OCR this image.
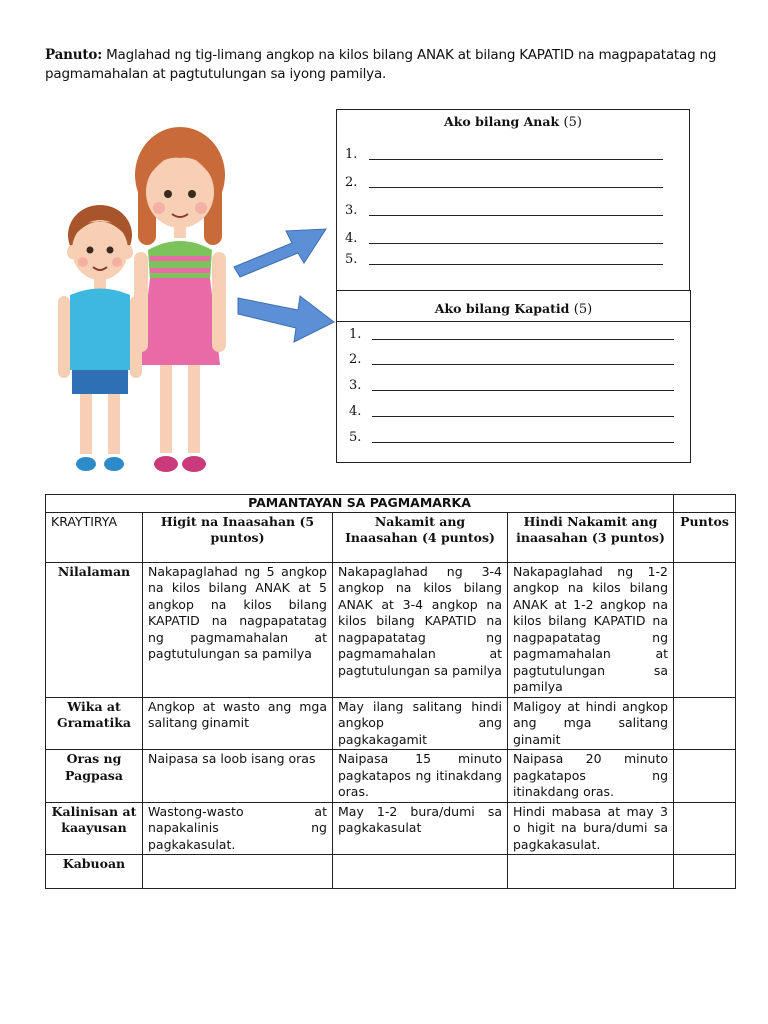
Panuto: Maglahad ng tig-limang angkop na kilos bilang ANAK at bilang KAPATID na magpapatatag ng pagmamahalan at pagtutulungan sa iyong pamilya.
Ako bilang Anak (5)
1.
2.
3.
4.
5.
Ako bilang Kapatid (5)
1.
2.
3.
4.
5.
PAMANTAYAN SA PAGMAMARKA				
KRAYTIRYA	Higit na Inaasahan (5 puntos)	Nakamit ang Inaasahan (4 puntos)	Hindi Nakamit ang inaasahan (3 puntos)	Puntos
Nilalaman	Nakapaglahad ng 5 angkop na kilos bilang ANAK at 5 angkop na kilos bilang KAPATID na nagpapatatag ng pagmamahalan at pagtutulungan sa pamilya	Nakapaglahad ng 3-4 angkop na kilos bilang ANAK at 3-4 angkop na kilos bilang KAPATID na nagpapatatag ng pagmamahalan at pagtutulungan sa pamilya	Nakapaglahad ng 1-2 angkop na kilos bilang ANAK at 1-2 angkop na kilos bilang KAPATID na nagpapatatag ng pagmamahalan at pagtutulungan sa pamilya	
Wika at Gramatika	Angkop at wasto ang mga salitang ginamit	May ilang salitang hindi angkop ang pagkakagamit	Maligoy at hindi angkop ang mga salitang ginamit	
Oras ng Pagpasa	Naipasa sa loob isang oras	Naipasa 15 minuto pagkatapos ng itinakdang oras.	Naipasa 20 minuto pagkatapos ng itinakdang oras.	
Kalinisan at kaayusan	Wastong-wasto at napakalinis ng pagkakasulat.	May 1-2 bura/dumi sa pagkakasulat	Hindi mabasa at may 3 o higit na bura/dumi sa pagkakasulat.	
Kabuoan				
